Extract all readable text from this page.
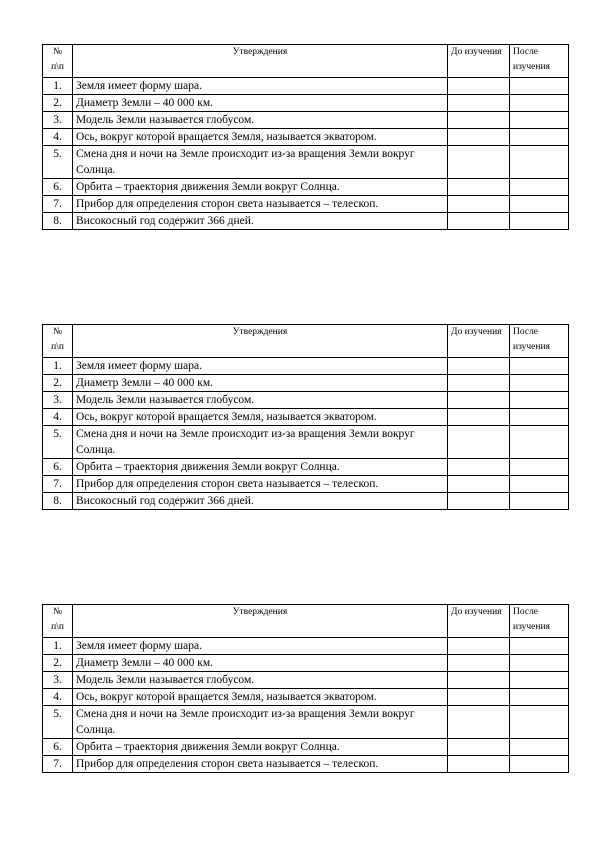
№ п\п	Утверждения	До изучения	После изучения
1.	Земля имеет форму шара.		
2.	Диаметр Земли – 40 000 км.		
3.	Модель Земли называется глобусом.		
4.	Ось, вокруг которой вращается Земля, называется экватором.		
5.	Смена дня и ночи на Земле происходит из-за вращения Земли вокруг Солнца.		
6.	Орбита – траектория движения Земли вокруг Солнца.		
7.	Прибор для определения сторон света называется – телескоп.		
8.	Високосный год содержит 366 дней.		
№ п\п	Утверждения	До изучения	После изучения
1.	Земля имеет форму шара.		
2.	Диаметр Земли – 40 000 км.		
3.	Модель Земли называется глобусом.		
4.	Ось, вокруг которой вращается Земля, называется экватором.		
5.	Смена дня и ночи на Земле происходит из-за вращения Земли вокруг Солнца.		
6.	Орбита – траектория движения Земли вокруг Солнца.		
7.	Прибор для определения сторон света называется – телескоп.		
8.	Високосный год содержит 366 дней.		
№ п\п	Утверждения	До изучения	После изучения
1.	Земля имеет форму шара.		
2.	Диаметр Земли – 40 000 км.		
3.	Модель Земли называется глобусом.		
4.	Ось, вокруг которой вращается Земля, называется экватором.		
5.	Смена дня и ночи на Земле происходит из-за вращения Земли вокруг Солнца.		
6.	Орбита – траектория движения Земли вокруг Солнца.		
7.	Прибор для определения сторон света называется – телескоп.		
